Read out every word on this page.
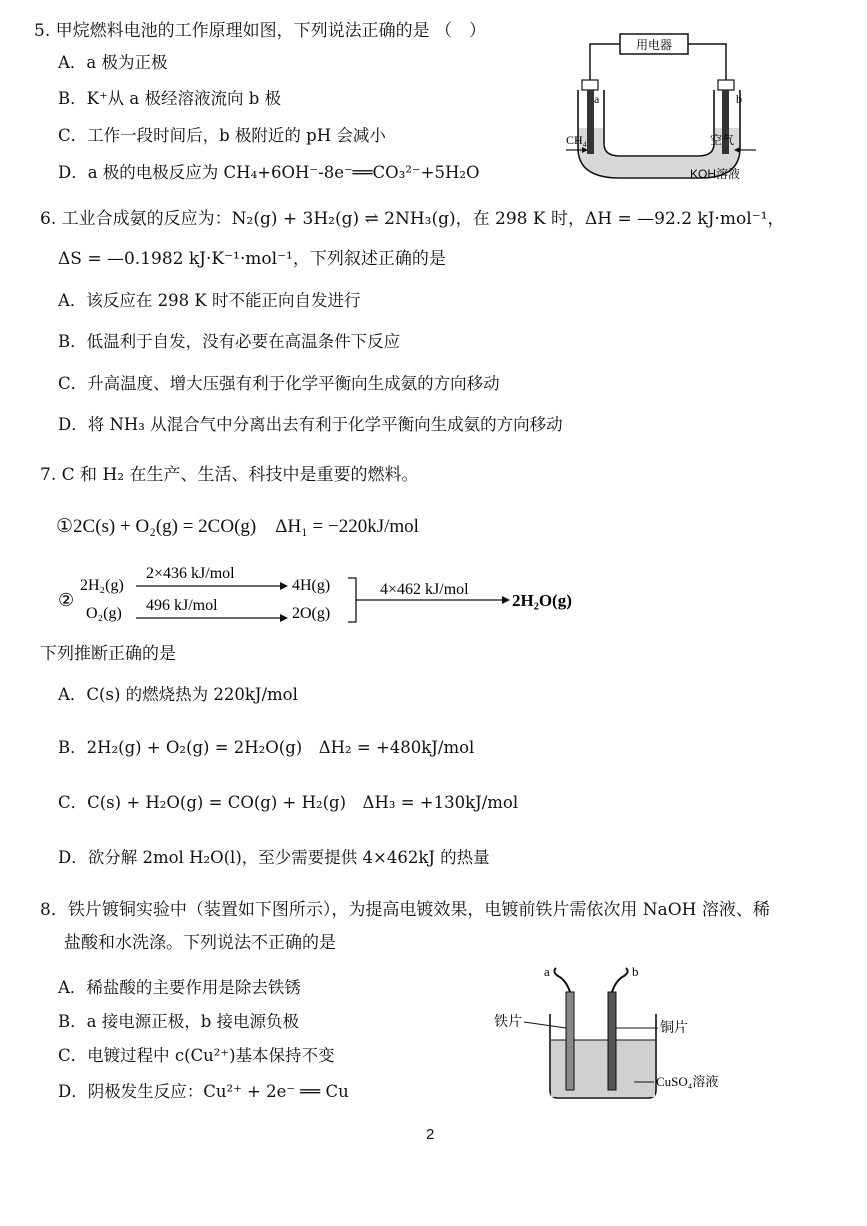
5. 甲烷燃料电池的工作原理如图，下列说法正确的是 （　）
A．a 极为正极
B．K⁺从 a 极经溶液流向 b 极
C．工作一段时间后，b 极附近的 pH 会减小
D．a 极的电极反应为 CH₄+6OH⁻-8e⁻══CO₃²⁻+5H₂O
用电器
a	b
CH₄	空气
KOH溶液
6. 工业合成氨的反应为：N₂(g) + 3H₂(g) ⇌ 2NH₃(g)，在 298 K 时，ΔH = —92.2 kJ·mol⁻¹，
ΔS = —0.1982 kJ·K⁻¹·mol⁻¹，下列叙述正确的是
A．该反应在 298 K 时不能正向自发进行
B．低温利于自发，没有必要在高温条件下反应
C．升高温度、增大压强有利于化学平衡向生成氨的方向移动
D．将 NH₃ 从混合气中分离出去有利于化学平衡向生成氨的方向移动
7. C 和 H₂ 在生产、生活、科技中是重要的燃料。
①2C(s) + O₂(g) = 2CO(g)　ΔH₁ = −220kJ/mol
②
2H₂(g)
O₂(g)
2×436 kJ/mol
496 kJ/mol
4H(g)
2O(g)
4×462 kJ/mol
2H₂O(g)
下列推断正确的是
A．C(s) 的燃烧热为 220kJ/mol
B．2H₂(g) + O₂(g) = 2H₂O(g)　ΔH₂ = +480kJ/mol
C．C(s) + H₂O(g) = CO(g) + H₂(g)　ΔH₃ = +130kJ/mol
D．欲分解 2mol H₂O(l)，至少需要提供 4×462kJ 的热量
8．铁片镀铜实验中（装置如下图所示），为提高电镀效果，电镀前铁片需依次用 NaOH 溶液、稀
盐酸和水洗涤。下列说法不正确的是
A．稀盐酸的主要作用是除去铁锈
B．a 接电源正极，b 接电源负极
C．电镀过程中 c(Cu²⁺)基本保持不变
D．阴极发生反应：Cu²⁺ + 2e⁻ ══ Cu
a	b
铁片	铜片
CuSO₄溶液
2
